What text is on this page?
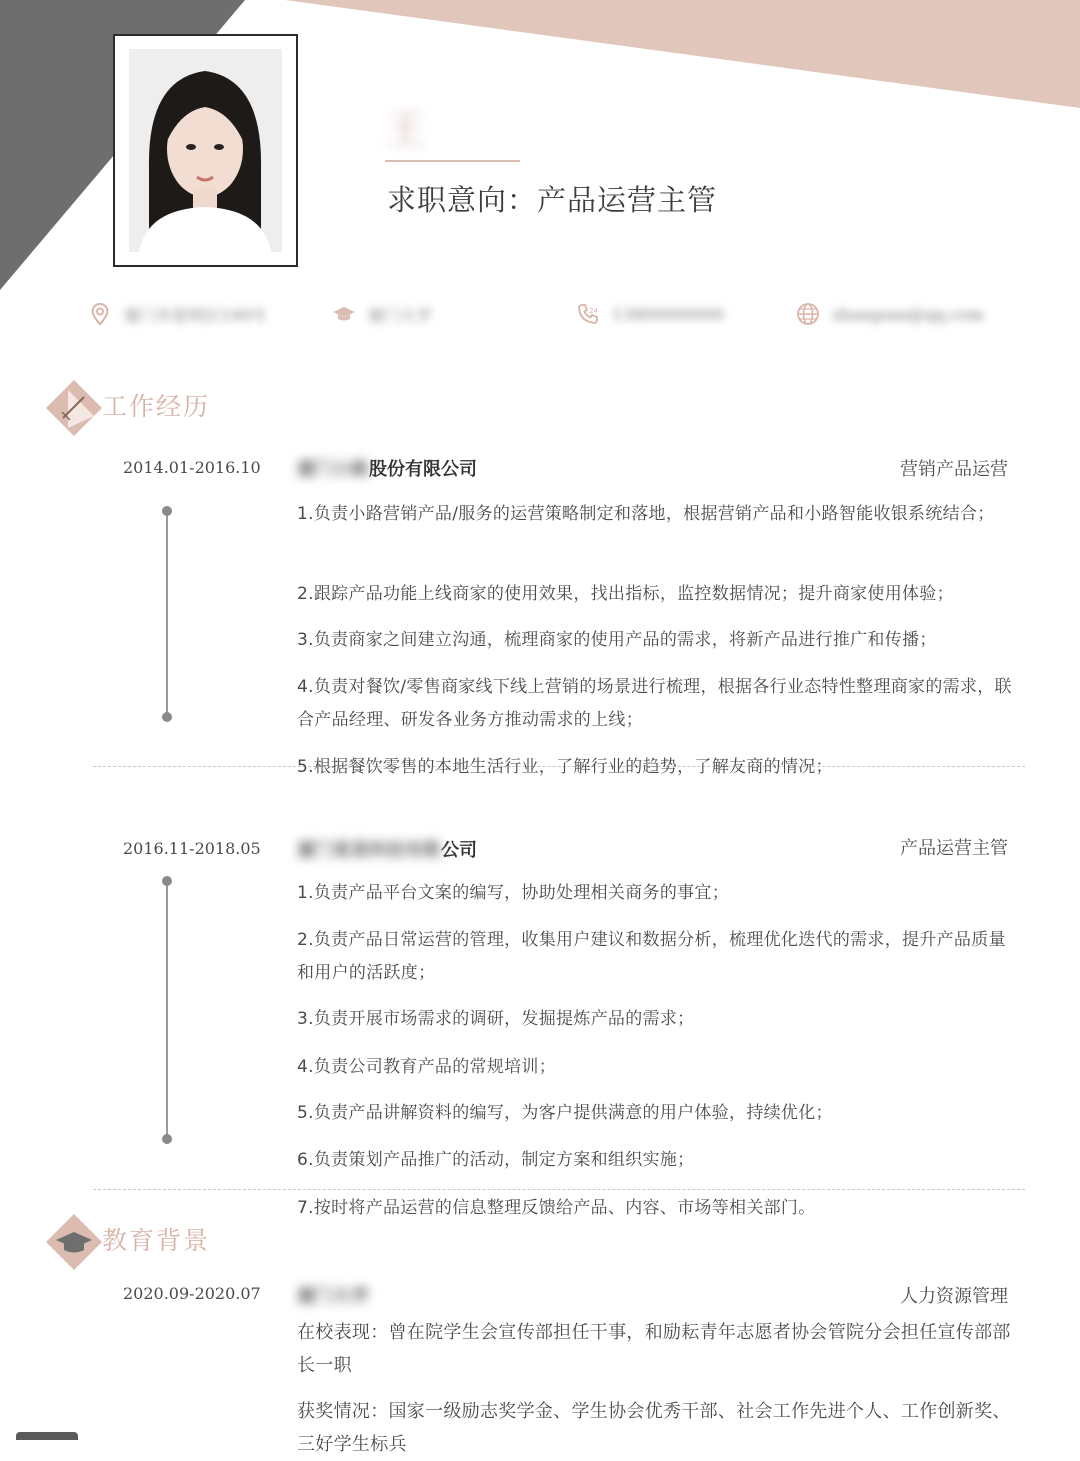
王
求职意向：产品运营主管
厦门市思明区199号	厦门大学	24 13800000000	zhangsan@qq.com
工作经历
2014.01-2016.10 厦门小路股份有限公司	营销产品运营
1.负责小路营销产品/服务的运营策略制定和落地，根据营销产品和小路智能收银系统结合；
2.跟踪产品功能上线商家的使用效果，找出指标，监控数据情况；提升商家使用体验；
3.负责商家之间建立沟通，梳理商家的使用产品的需求，将新产品进行推广和传播；
4.负责对餐饮/零售商家线下线上营销的场景进行梳理，根据各行业态特性整理商家的需求，联合产品经理、研发各业务方推动需求的上线；
5.根据餐饮零售的本地生活行业，了解行业的趋势，了解友商的情况；
2016.11-2018.05 厦门某某科技有限公司	产品运营主管
1.负责产品平台文案的编写，协助处理相关商务的事宜；
2.负责产品日常运营的管理，收集用户建议和数据分析，梳理优化迭代的需求，提升产品质量和用户的活跃度；
3.负责开展市场需求的调研，发掘提炼产品的需求；
4.负责公司教育产品的常规培训；
5.负责产品讲解资料的编写，为客户提供满意的用户体验，持续优化；
6.负责策划产品推广的活动，制定方案和组织实施；
7.按时将产品运营的信息整理反馈给产品、内容、市场等相关部门。
教育背景
2020.09-2020.07 厦门大学	人力资源管理
在校表现：曾在院学生会宣传部担任干事，和励耘青年志愿者协会管院分会担任宣传部部长一职
获奖情况：国家一级励志奖学金、学生协会优秀干部、社会工作先进个人、工作创新奖、三好学生标兵
